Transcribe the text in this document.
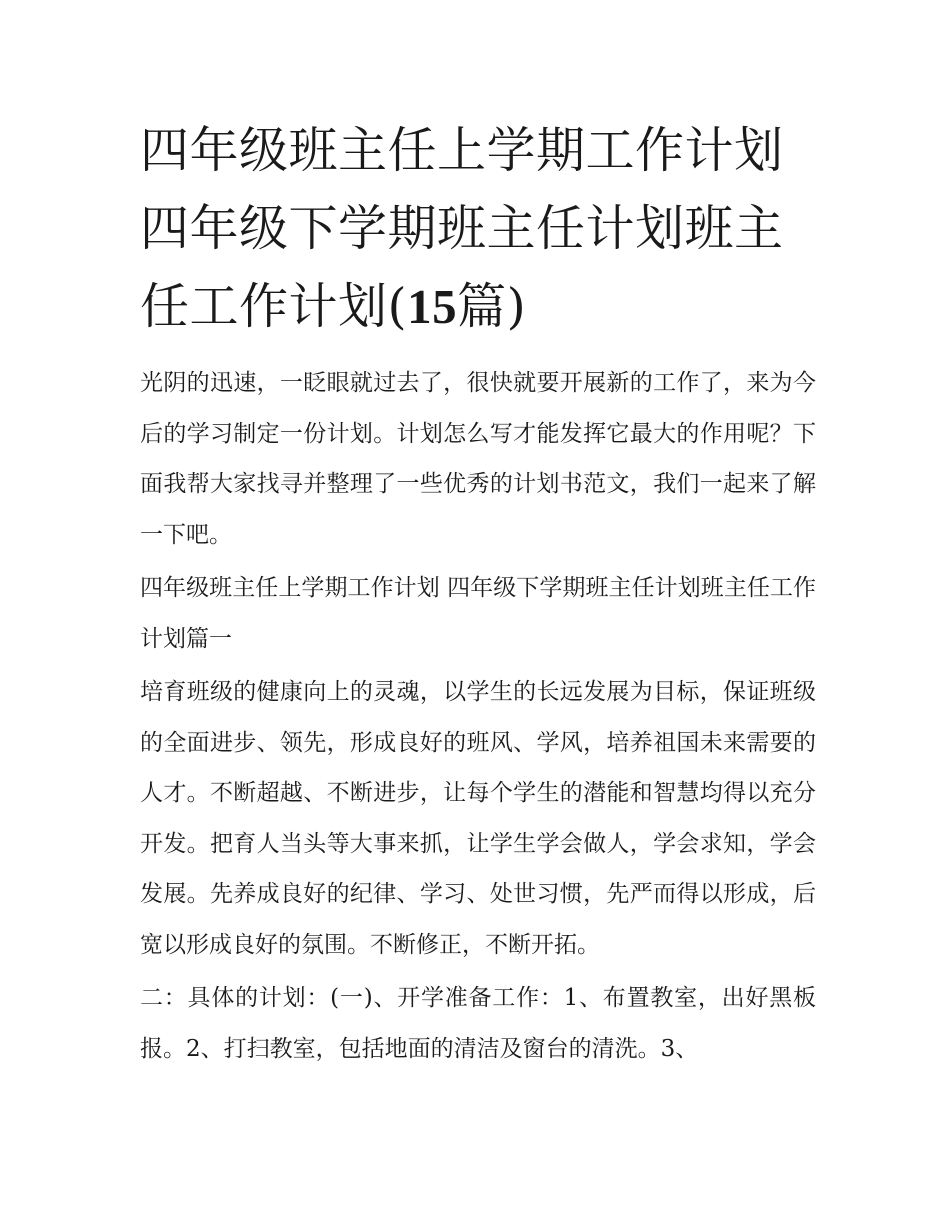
四年级班主任上学期工作计划 四年级下学期班主任计划班主任工作计划(15篇)

光阴的迅速，一眨眼就过去了，很快就要开展新的工作了，来为今后的学习制定一份计划。计划怎么写才能发挥它最大的作用呢？下面我帮大家找寻并整理了一些优秀的计划书范文，我们一起来了解一下吧。

四年级班主任上学期工作计划 四年级下学期班主任计划班主任工作计划篇一

培育班级的健康向上的灵魂，以学生的长远发展为目标，保证班级的全面进步、领先，形成良好的班风、学风，培养祖国未来需要的人才。不断超越、不断进步，让每个学生的潜能和智慧均得以充分开发。把育人当头等大事来抓，让学生学会做人，学会求知，学会发展。先养成良好的纪律、学习、处世习惯，先严而得以形成，后宽以形成良好的氛围。不断修正，不断开拓。

二：具体的计划：(一)、开学准备工作：1、布置教室，出好黑板报。2、打扫教室，包括地面的清洁及窗台的清洗。3、
